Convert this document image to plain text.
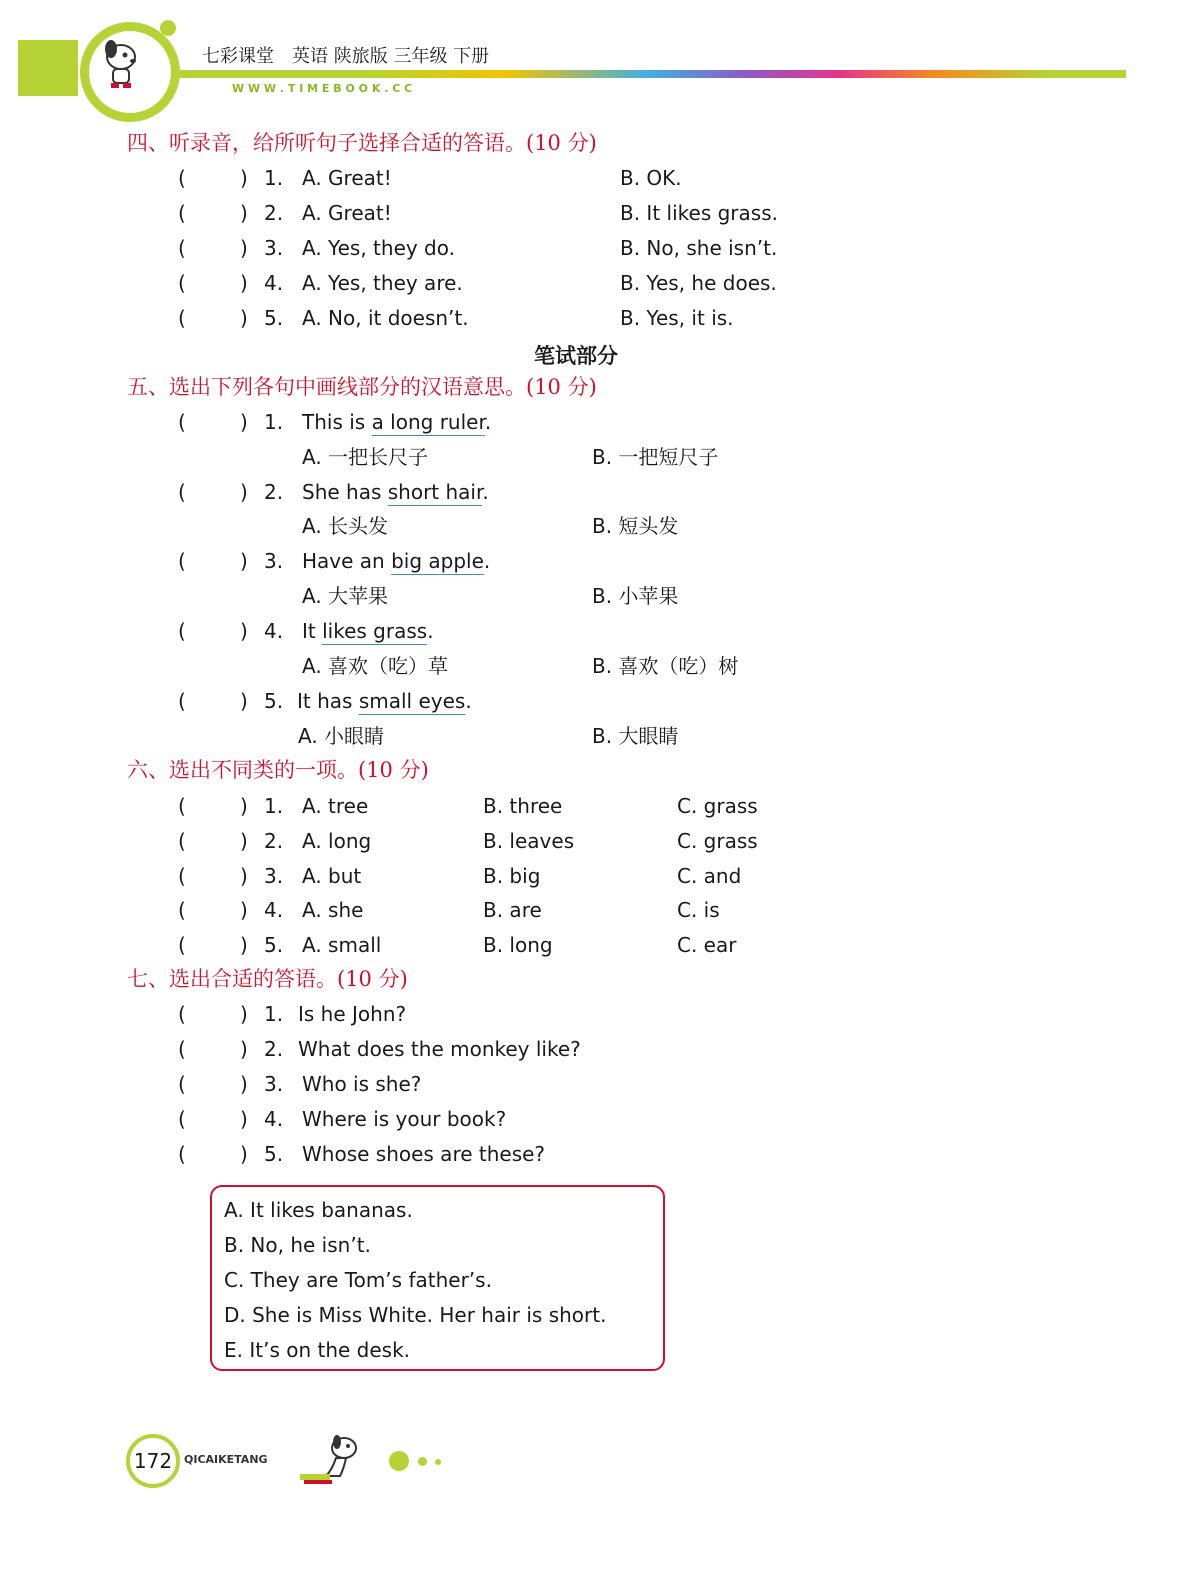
七彩课堂　英语 陕旅版 三年级 下册
W W W . T I M E B O O K . C C
四、听录音，给所听句子选择合适的答语。(10 分)
(	) 1. A. Great!	B. OK.
(	) 2. A. Great!	B. It likes grass.
(	) 3. A. Yes, they do.	B. No, she isn’t.
(	) 4. A. Yes, they are.	B. Yes, he does.
(	) 5. A. No, it doesn’t.	B. Yes, it is.
笔试部分
五、选出下列各句中画线部分的汉语意思。(10 分)
(	) 1. This is a long ruler.
A. 一把长尺子	B. 一把短尺子
(	) 2. She has short hair.
A. 长头发	B. 短头发
(	) 3. Have an big apple.
A. 大苹果	B. 小苹果
(	) 4. It likes grass.
A. 喜欢（吃）草	B. 喜欢（吃）树
(	) 5. It has small eyes.
A. 小眼睛	B. 大眼睛
六、选出不同类的一项。(10 分)
(	) 1. A. tree	B. three	C. grass
(	) 2. A. long	B. leaves	C. grass
(	) 3. A. but	B. big	C. and
(	) 4. A. she	B. are	C. is
(	) 5. A. small	B. long	C. ear
七、选出合适的答语。(10 分)
(	) 1. Is he John?
(	) 2. What does the monkey like?
(	) 3. Who is she?
(	) 4. Where is your book?
(	) 5. Whose shoes are these?
A. It likes bananas.
B. No, he isn’t.
C. They are Tom’s father’s.
D. She is Miss White. Her hair is short.
E. It’s on the desk.
172	QICAIKETANG
